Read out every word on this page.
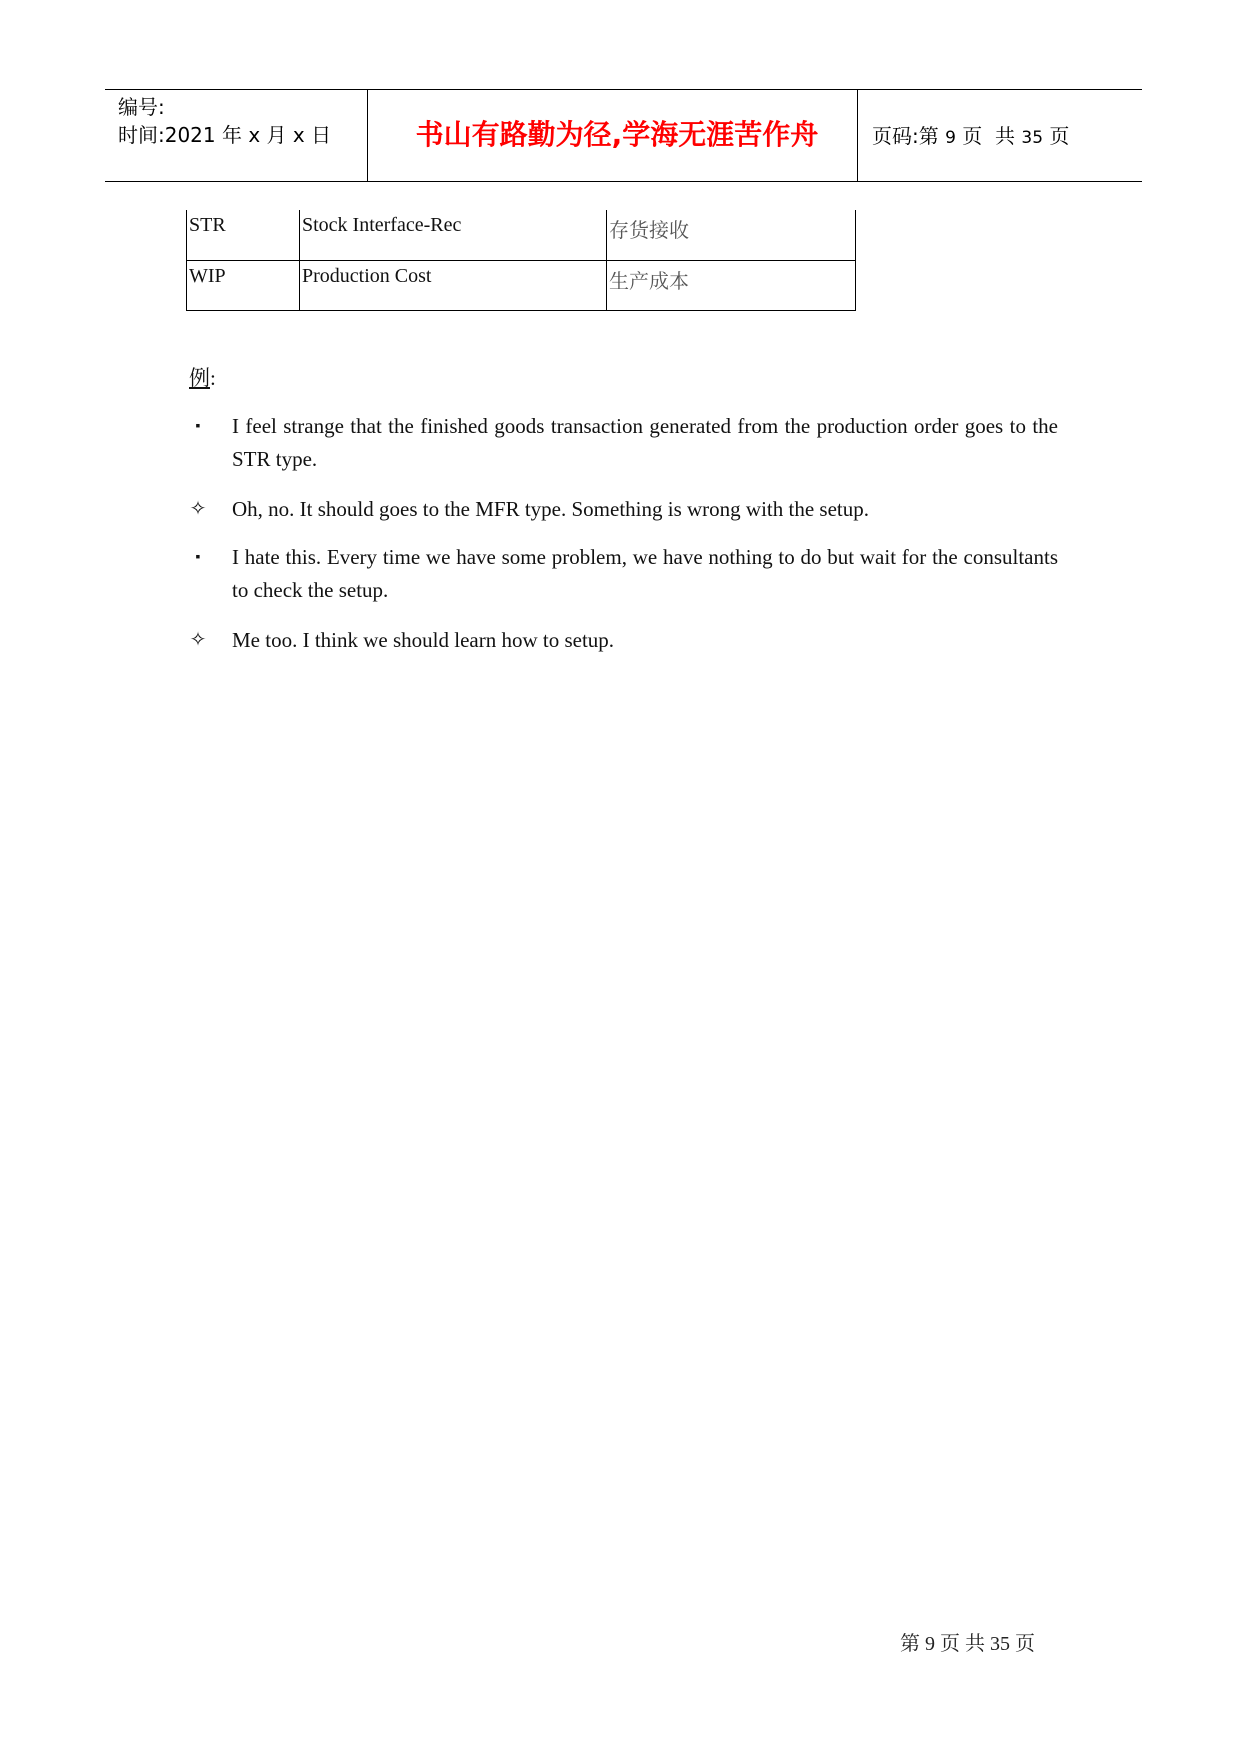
编号:
时间:2021 年 x 月 x 日	书山有路勤为径,学海无涯苦作舟	页码:第 9 页  共 35 页
STR	Stock Interface-Rec	存货接收
WIP	Production Cost	生产成本
例:
▪	I feel strange that the finished goods transaction generated from the production order goes to the STR type.
✧ Oh, no. It should goes to the MFR type. Something is wrong with the setup.
▪	I hate this. Every time we have some problem, we have nothing to do but wait for the consultants to check the setup.
✧ Me too. I think we should learn how to setup.
第 9 页 共 35 页
